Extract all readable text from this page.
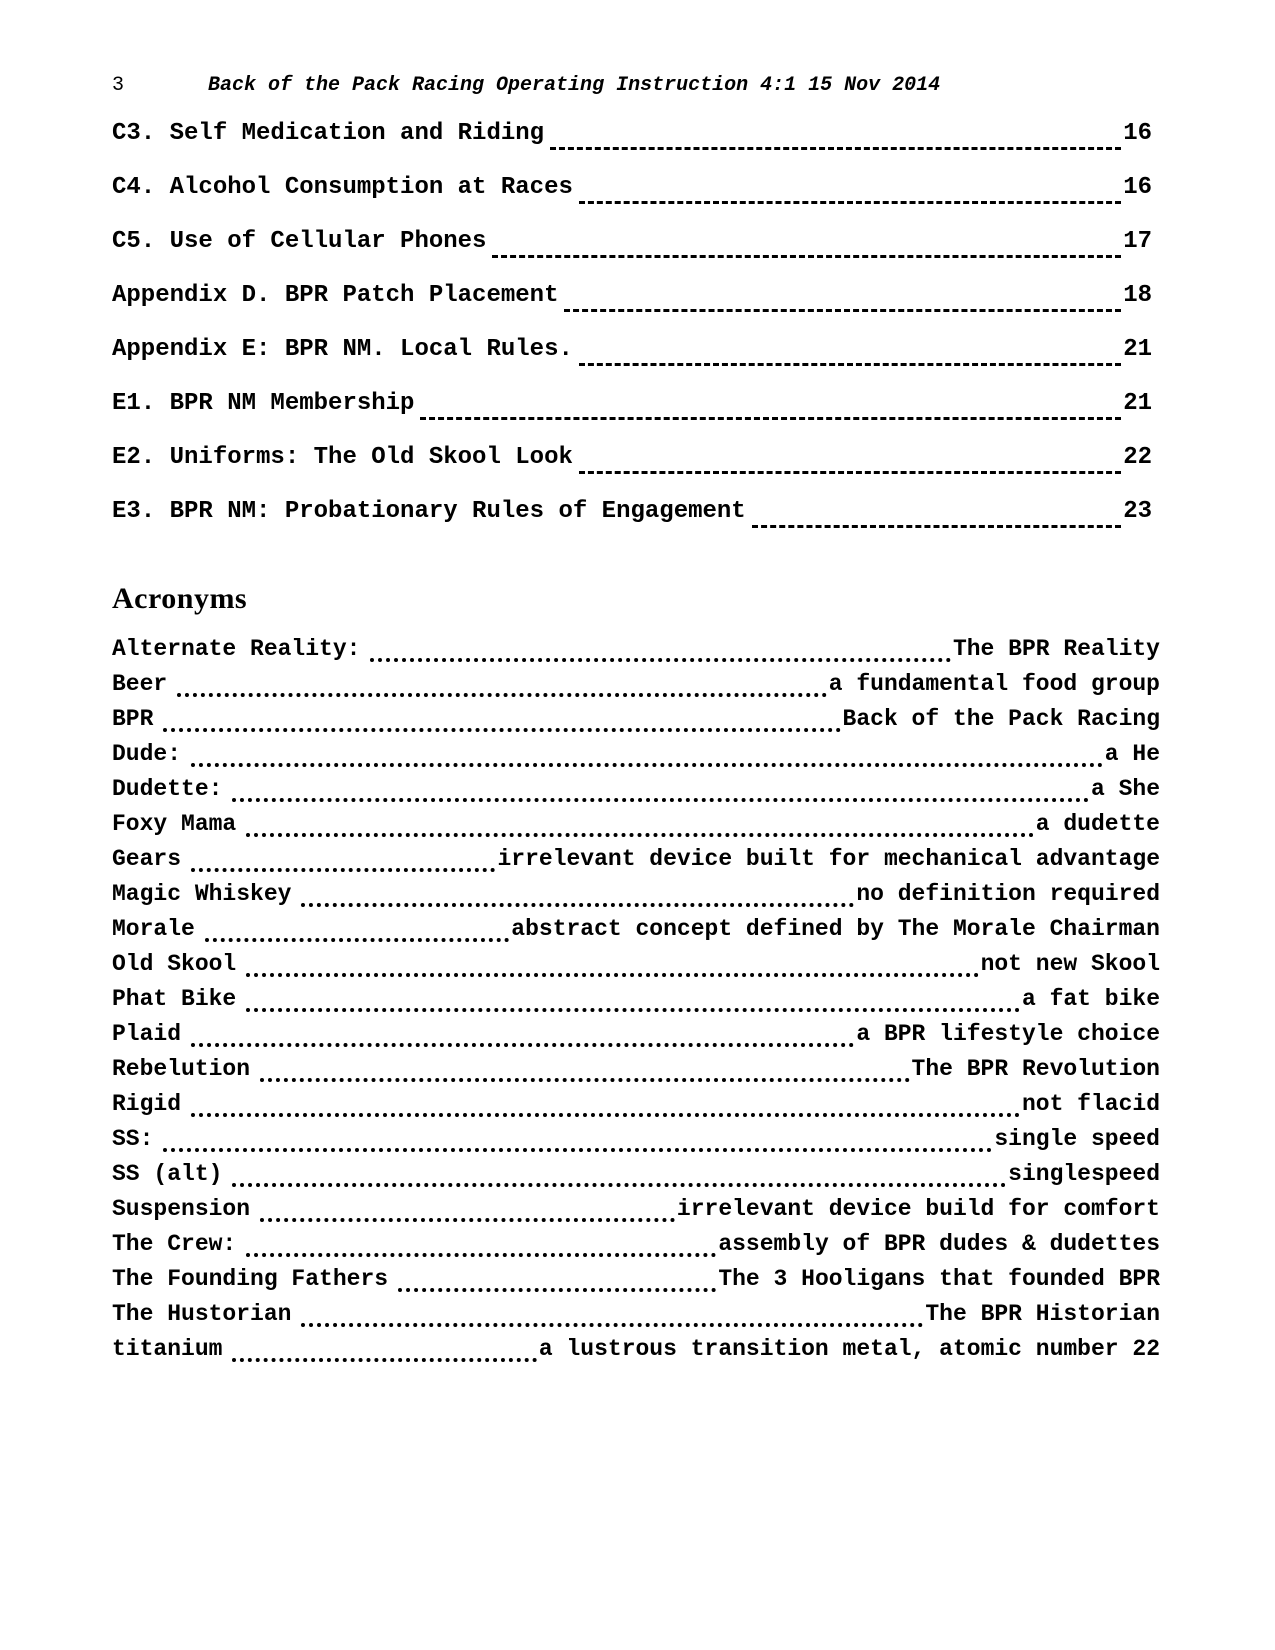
3	Back of the Pack Racing Operating Instruction 4:1 15 Nov 2014
C3. Self Medication and Riding	16
C4. Alcohol Consumption at Races	16
C5. Use of Cellular Phones	17
Appendix D. BPR Patch Placement	18
Appendix E: BPR NM. Local Rules.	21
E1. BPR NM Membership	21
E2. Uniforms: The Old Skool Look	22
E3. BPR NM: Probationary Rules of Engagement	23
Acronyms
Alternate Reality:	The BPR Reality
Beer	a fundamental food group
BPR	Back of the Pack Racing
Dude:	a He
Dudette:	a She
Foxy Mama	a dudette
Gears	irrelevant device built for mechanical advantage
Magic Whiskey	no definition required
Morale	abstract concept defined by The Morale Chairman
Old Skool	not new Skool
Phat Bike	a fat bike
Plaid	a BPR lifestyle choice
Rebelution	The BPR Revolution
Rigid	not flacid
SS:	single speed
SS (alt)	singlespeed
Suspension	irrelevant device build for comfort
The Crew:	assembly of BPR dudes & dudettes
The Founding Fathers	The 3 Hooligans that founded BPR
The Hustorian	The BPR Historian
titanium	a lustrous transition metal, atomic number 22
